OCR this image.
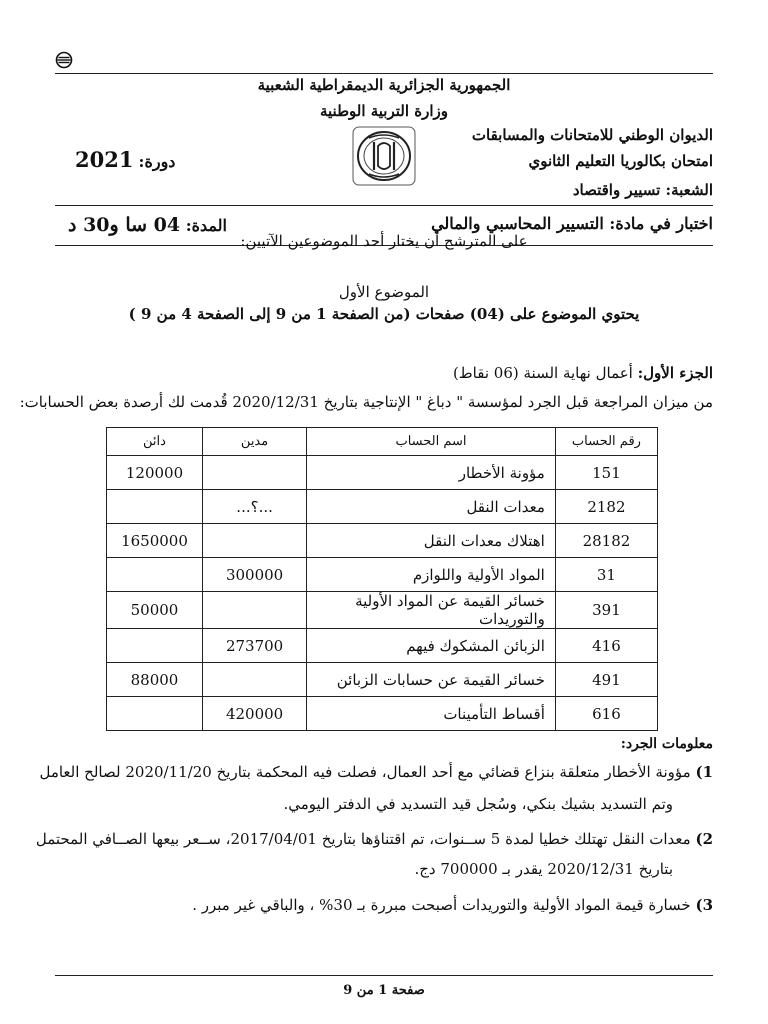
الجمهورية الجزائرية الديمقراطية الشعبية
وزارة التربية الوطنية
الديوان الوطني للامتحانات والمسابقات
امتحان بكالوريا التعليم الثانوي
الشعبة: تسيير واقتصاد
دورة: 2021
اختبار في مادة: التسيير المحاسبي والمالي
المدة: 04 سا و30 د
على المترشح أن يختار أحد الموضوعين الآتيين:
الموضوع الأول
يحتوي الموضوع على (04) صفحات (من الصفحة 1 من 9 إلى الصفحة 4 من 9 )
الجزء الأول: أعمال نهاية السنة (06 نقاط)
من ميزان المراجعة قبل الجرد لمؤسسة " دباغ " الإنتاجية بتاريخ 2020/12/31 قُدمت لك أرصدة بعض الحسابات:
رقم الحساب	اسم الحساب	مدين	دائن
151	مؤونة الأخطار		120000
2182	معدات النقل	...؟...	
28182	اهتلاك معدات النقل		1650000
31	المواد الأولية واللوازم	300000	
391	خسائر القيمة عن المواد الأولية والتوريدات		50000
416	الزبائن المشكوك فيهم	273700	
491	خسائر القيمة عن حسابات الزبائن		88000
616	أقساط التأمينات	420000	
معلومات الجرد:
1) مؤونة الأخطار متعلقة بنزاع قضائي مع أحد العمال، فصلت فيه المحكمة بتاريخ 2020/11/20 لصالح العامل
وتم التسديد بشيك بنكي، وسُجل قيد التسديد في الدفتر اليومي.
2) معدات النقل تهتلك خطيا لمدة 5 ســنوات، تم اقتناؤها بتاريخ 2017/04/01، ســعر بيعها الصــافي المحتمل
بتاريخ 2020/12/31 يقدر بـ 700000 دج.
3) خسارة قيمة المواد الأولية والتوريدات أصبحت مبررة بـ 30% ، والباقي غير مبرر .
صفحة 1 من 9
